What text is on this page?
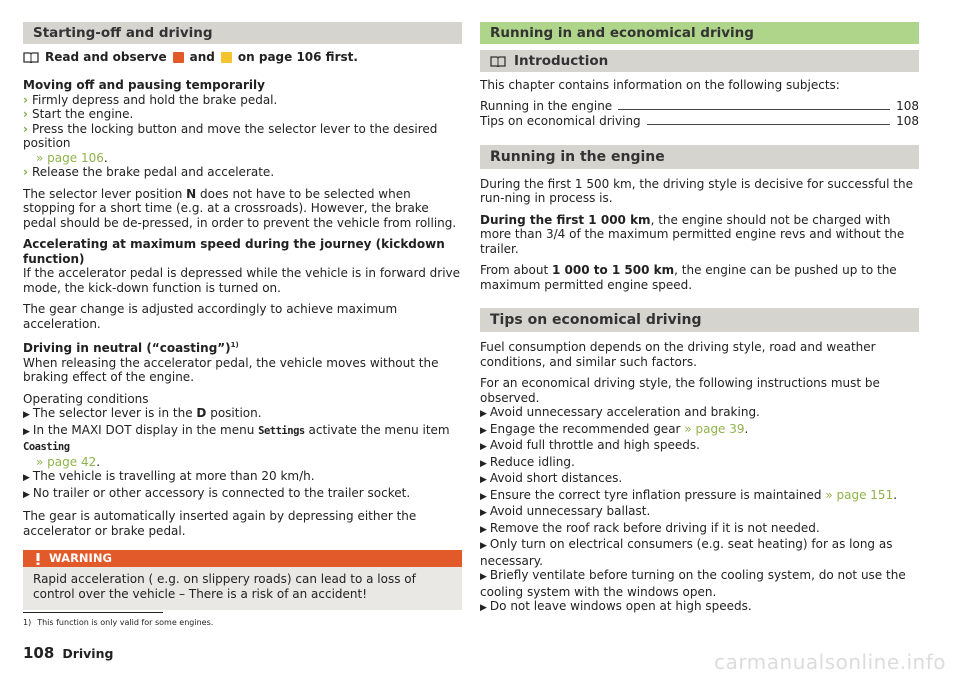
Starting-off and driving
Read and observe and on page 106 first.

Moving off and pausing temporarily

› Firmly depress and hold the brake pedal.

› Start the engine.

› Press the locking button and move the selector lever to the desired position
» page 106.

› Release the brake pedal and accelerate.

The selector lever position N does not have to be selected when stopping for a short time (e.g. at a crossroads). However, the brake pedal should be de-pressed, in order to prevent the vehicle from rolling.

Accelerating at maximum speed during the journey (kickdown function)

If the accelerator pedal is depressed while the vehicle is in forward drive mode, the kick-down function is turned on.

The gear change is adjusted accordingly to achieve maximum acceleration.

Driving in neutral (“coasting”)$^{1)}$

When releasing the accelerator pedal, the vehicle moves without the braking effect of the engine.

Operating conditions

▶ The selector lever is in the D position.

▶ In the MAXI DOT display in the menu Settings activate the menu item Coasting
» page 42.

▶ The vehicle is travelling at more than 20 km/h.

▶ No trailer or other accessory is connected to the trailer socket.

The gear is automatically inserted again by depressing either the accelerator or brake pedal.

WARNING
Rapid acceleration ( e.g. on slippery roads) can lead to a loss of control over the vehicle – There is a risk of an accident!
Running in and economical driving
Introduction

This chapter contains information on the following subjects:

Running in the engine	108
Tips on economical driving	108
Running in the engine

During the first 1 500 km, the driving style is decisive for successful the run-ning in process is.

During the first 1 000 km, the engine should not be charged with more than 3/4 of the maximum permitted engine revs and without the trailer.

From about 1 000 to 1 500 km, the engine can be pushed up to the maximum permitted engine speed.

Tips on economical driving

Fuel consumption depends on the driving style, road and weather conditions, and similar such factors.

For an economical driving style, the following instructions must be observed.

▶ Avoid unnecessary acceleration and braking.

▶ Engage the recommended gear » page 39.

▶ Avoid full throttle and high speeds.

▶ Reduce idling.

▶ Avoid short distances.

▶ Ensure the correct tyre inflation pressure is maintained » page 151.

▶ Avoid unnecessary ballast.

▶ Remove the roof rack before driving if it is not needed.

▶ Only turn on electrical consumers (e.g. seat heating) for as long as necessary.

▶ Briefly ventilate before turning on the cooling system, do not use the cooling system with the windows open.

▶ Do not leave windows open at high speeds.

1) This function is only valid for some engines.
108 Driving	carmanualsonline.info
